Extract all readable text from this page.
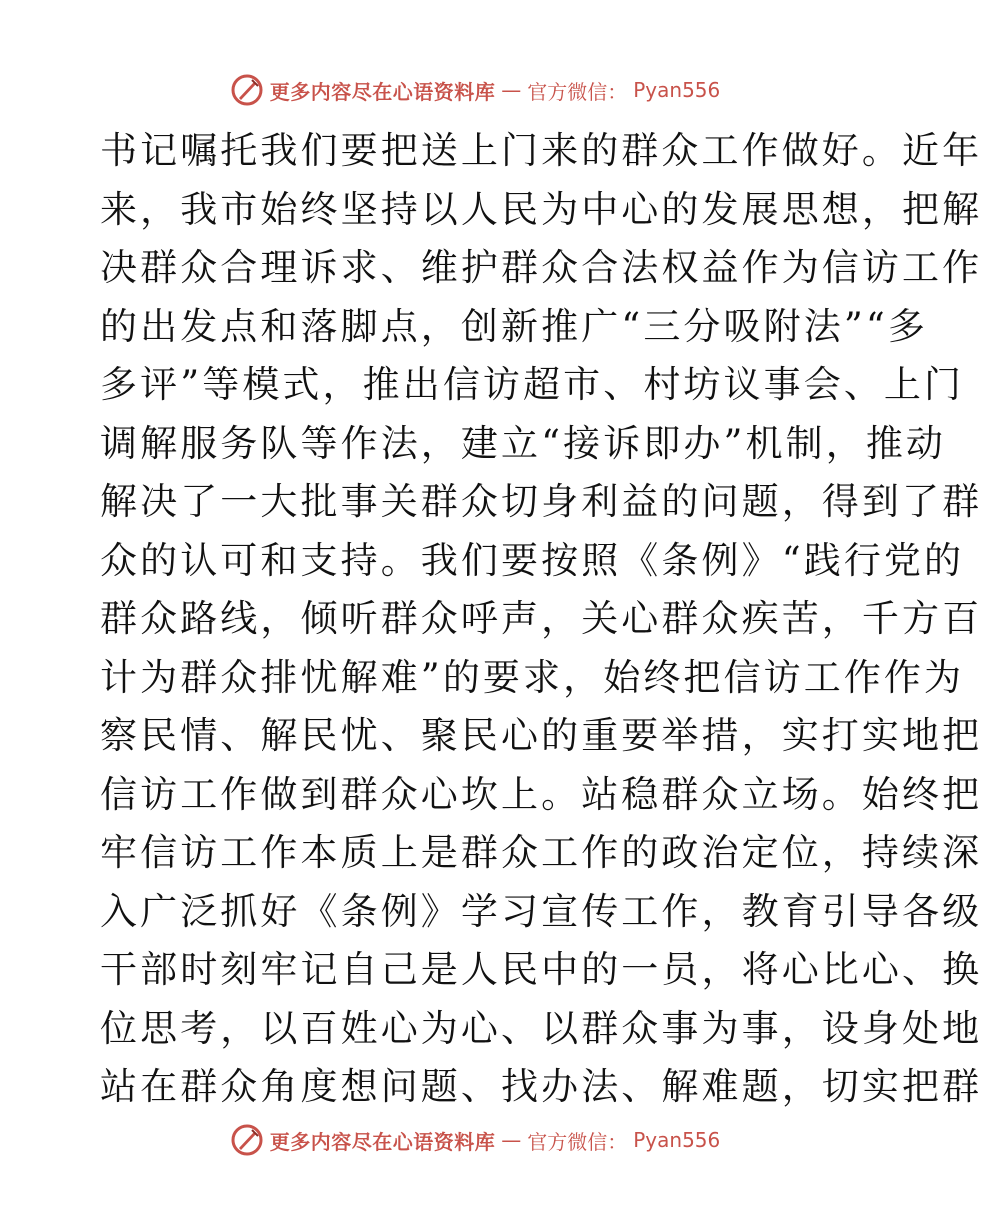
更多内容尽在心语资料库 — 官方微信： Pyan556
书记嘱托我们要把送上门来的群众工作做好。近年
来，我市始终坚持以人民为中心的发展思想，把解
决群众合理诉求、维护群众合法权益作为信访工作
的出发点和落脚点，创新推广“三分吸附法”“多
多评”等模式，推出信访超市、村坊议事会、上门
调解服务队等作法，建立“接诉即办”机制，推动
解决了一大批事关群众切身利益的问题，得到了群
众的认可和支持。我们要按照《条例》“践行党的
群众路线，倾听群众呼声，关心群众疾苦，千方百
计为群众排忧解难”的要求，始终把信访工作作为
察民情、解民忧、聚民心的重要举措，实打实地把
信访工作做到群众心坎上。站稳群众立场。始终把
牢信访工作本质上是群众工作的政治定位，持续深
入广泛抓好《条例》学习宣传工作，教育引导各级
干部时刻牢记自己是人民中的一员，将心比心、换
位思考，以百姓心为心、以群众事为事，设身处地
站在群众角度想问题、找办法、解难题，切实把群
更多内容尽在心语资料库 — 官方微信： Pyan556
